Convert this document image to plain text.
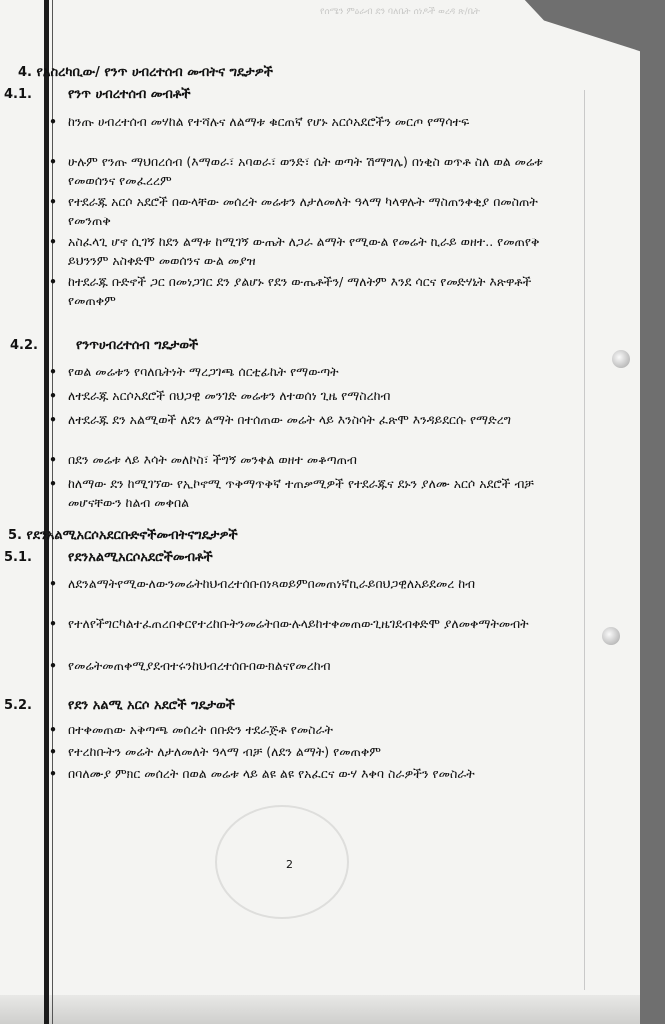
የሰሜን ምዕራብ ደን ባለቤት ሰነዶች ወረዳ ጽ/ቤት
4. የአስረካቢው/ የንጥ ሀብረተሰብ መብትና ግዴታዎች
4.1.	የንጥ ሀብረተሰብ መብቶች
• ከንጡ ሀብረተሰብ መሃከል የተሻሉና ለልማቱ ቁርጠኛ የሆኑ አርሶአደሮችን መርጦ የማሳተፍ
• ሁሉም የንጡ ማህበረሰብ (እማወራ፣ አባወራ፣ ወንድ፣ ሴት ወጣት ሽማግሌ) በነቂስ ወጥቶ ስለ ወል መሬቱ የመወሰንና የመፈረረም
• የተደራጁ አርሶ አደሮች በውላቸው መሰረት መሬቱን ለታለመለት ዓላማ ካላዋሉት ማስጠንቀቂያ በመስጠት የመንጠቅ
• አስፈላጊ ሆኖ ሲገኝ ከደን ልማቱ ከሚገኝ ውጤት ለጋራ ልማት የሚውል የመሬት ኪራይ ወዘተ.. የመጠየቅ ይህንንም አስቀድሞ መወሰንና ውል መያዝ
• ከተደራጁ ቡድኖች ጋር በመነጋገር ደን ያልሆኑ የደን ውጤቶችን/ ማለትም እንደ ሳርና የመድሃኒት እጽዋቶች የመጠቀም
4.2.	የንጥሀብረተሰብ ግዴታወች
• የወል መሬቱን የባለቤትነት ማረጋገጫ ሰርቲፊኬት የማውጣት
• ለተደራጁ አርሶአደሮች በህጋዊ መንገድ መሬቱን ለተወሰነ ጊዜ የማስረከብ
• ለተደራጁ ደን አልሚወች ለደን ልማት በተሰጠው መሬት ላይ እንስሳት ፈጽሞ እንዳይደርሱ የማድረግ
• በደን መሬቱ ላይ እሳት መለኮስ፣ ችግኝ መንቀል ወዘተ መቆጣጠብ
• ከለማው ደን ከሚገኘው የኢኮኖሚ ጥቅማጥቅኛ ተጠቃሚዎች የተደራጁና ደኑን ያለሙ አርሶ አደሮች ብቻ መሆናቸውን ከልብ መቀበል
5. የደንአልሚአርሶአደርቡድኖችመብትናግዴታዎች
5.1.	የደንአልሚአርሶአደሮችመብቶች
• ለደንልማትየሚውለውንመሬትከህብረተሰቡበነጻወይምበመጠነኛኪራይበህጋዊለአይደመረ ከብ
• የተለየችግርካልተፈጠረበቀርየተረከቡትንመሬትበውሉላይከተቀመጠውጊዜገደብቀድሞ ያለመቀማትመብት
• የመሬትመጠቀሚያደብተሩንከህብረተሰቡበውክልናየመረከብ
5.2.	የደን አልሚ አርሶ አደሮች ግዴታወች
• በተቀመጠው አቅጣጫ መሰረት በቡድን ተደራጅቶ የመስራት
• የተረከቡትን መሬት ለታለመለት ዓላማ ብቻ (ለደን ልማት) የመጠቀም
• በባለሙያ ምክር መሰረት በወል መሬቱ ላይ ልዩ ልዩ የአፈርና ውሃ እቀባ ስራዎችን የመስራት
2
